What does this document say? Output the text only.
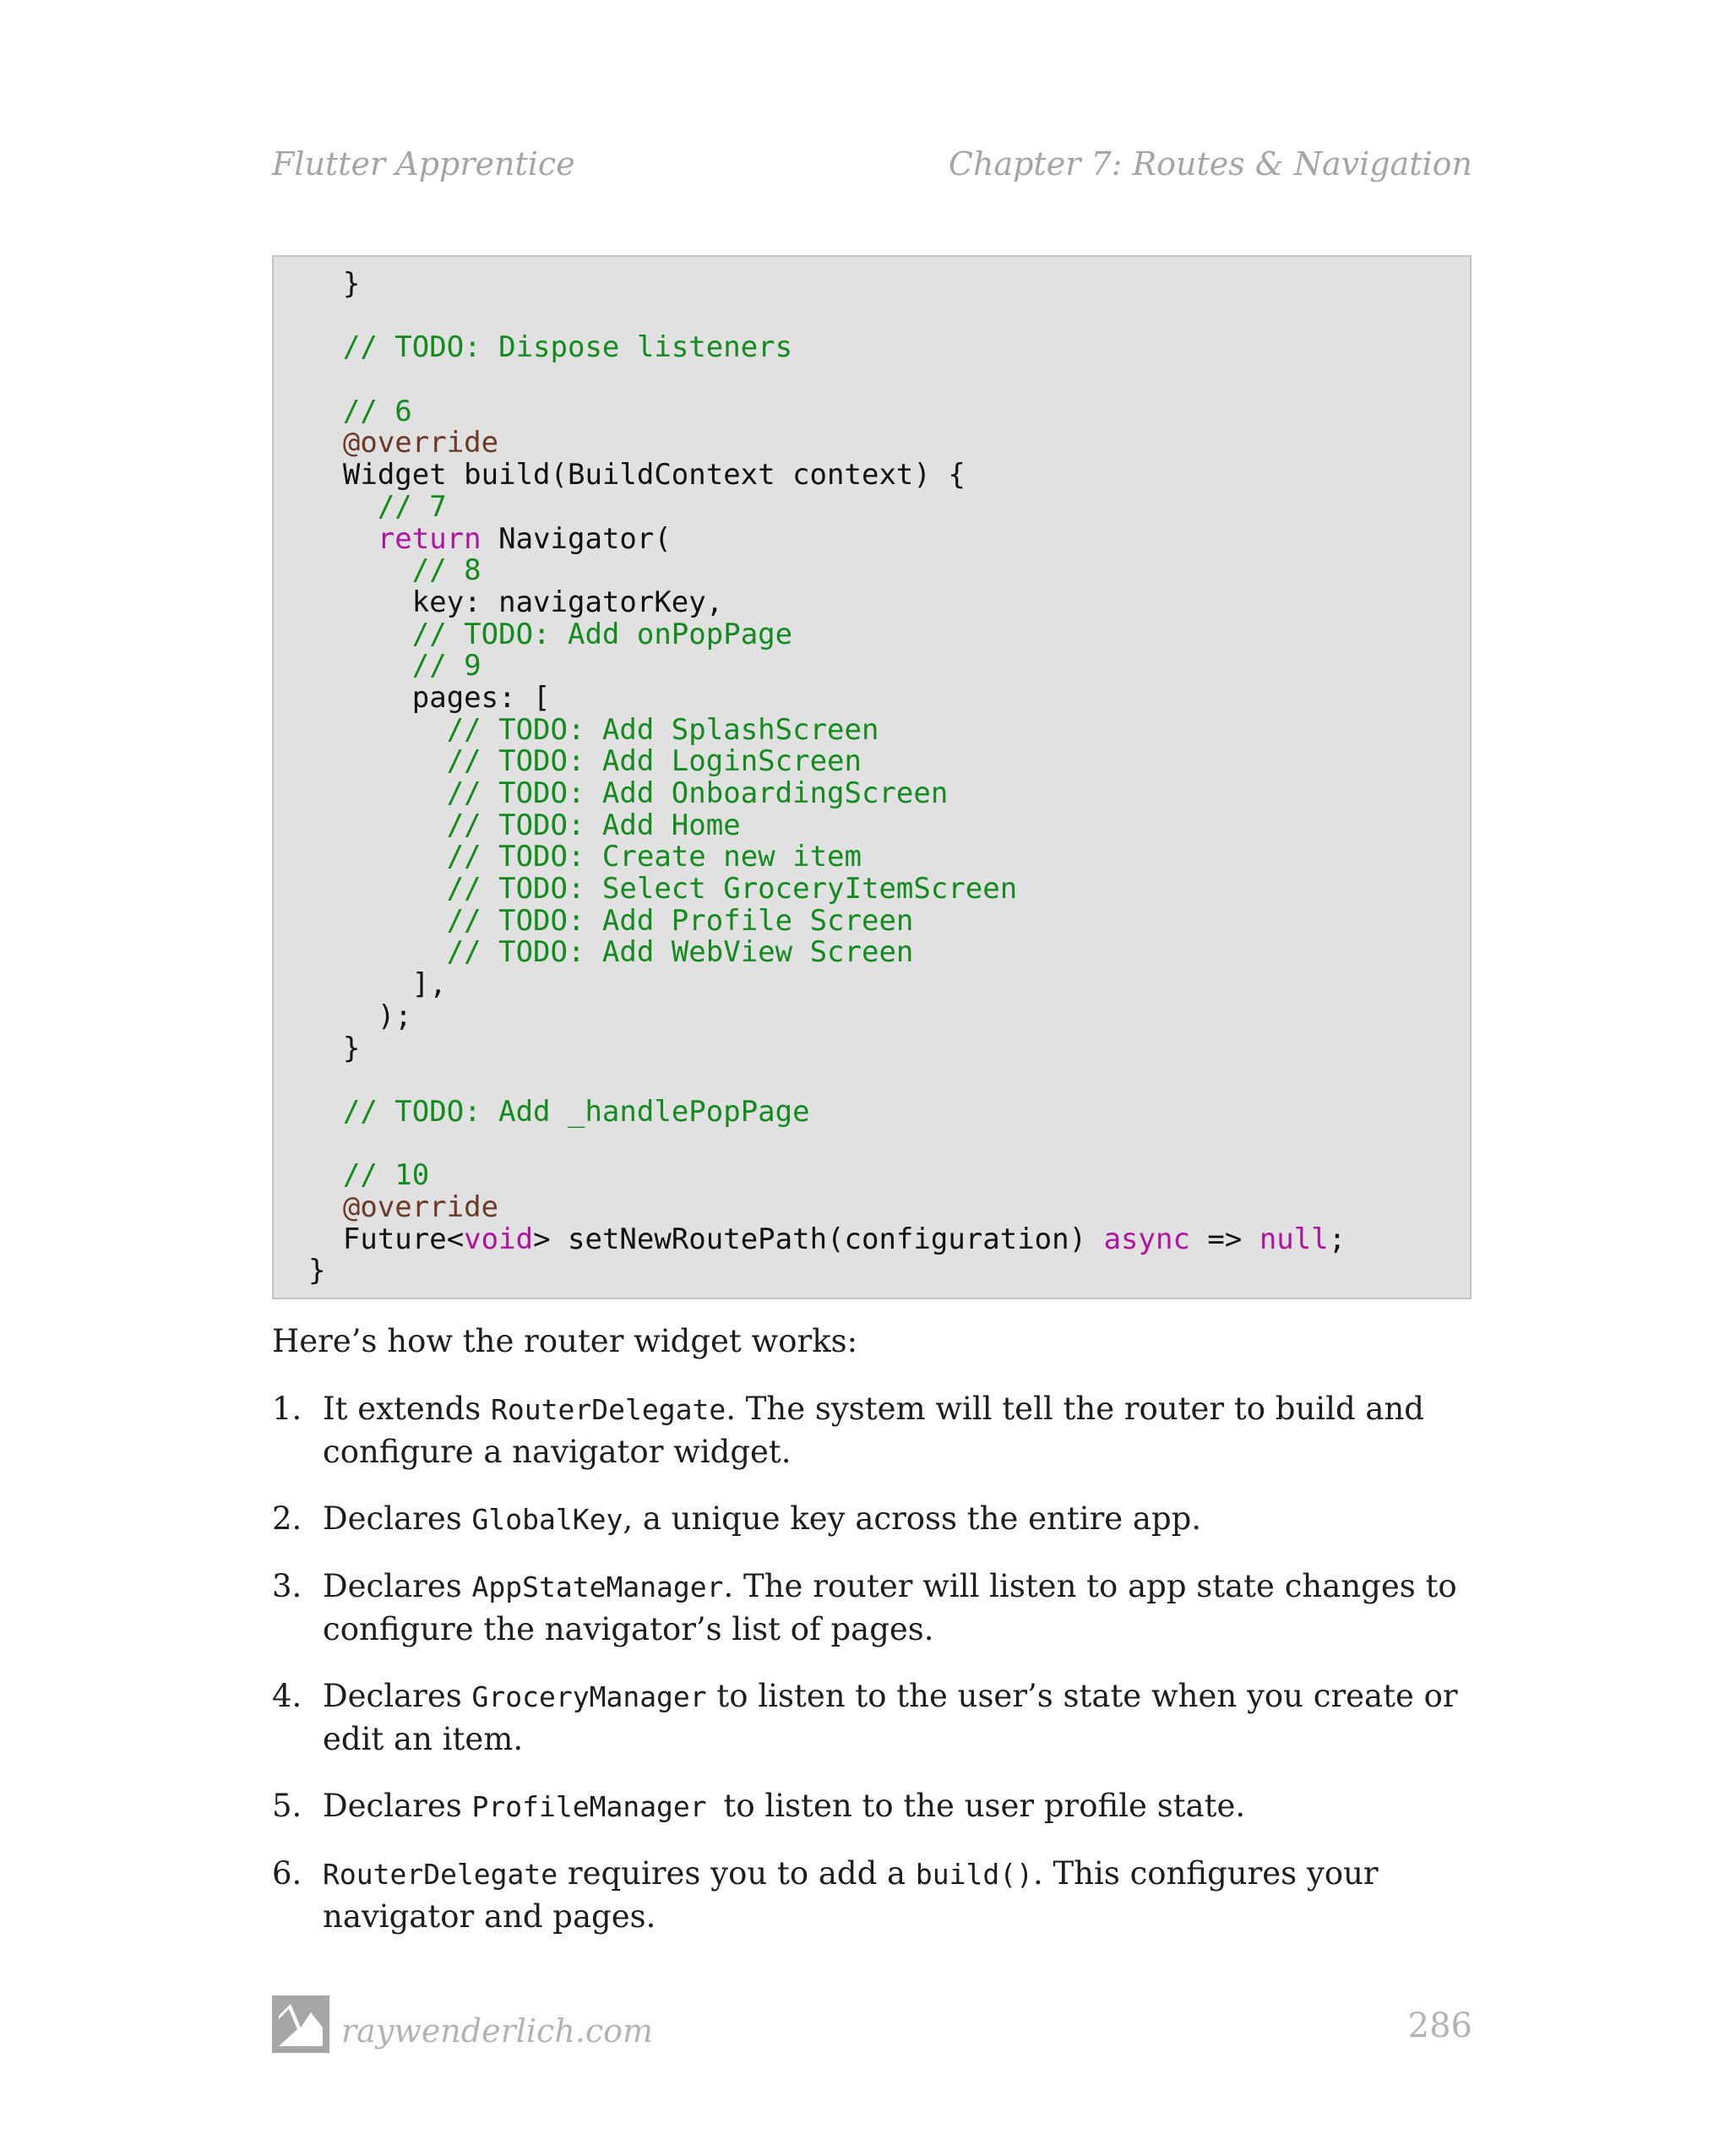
Flutter Apprentice	Chapter 7: Routes & Navigation
}
// TODO: Dispose listeners
// 6
@override
Widget build(BuildContext context) {
// 7
return Navigator(
// 8
key: navigatorKey,
// TODO: Add onPopPage
// 9
pages: [
// TODO: Add SplashScreen
// TODO: Add LoginScreen
// TODO: Add OnboardingScreen
// TODO: Add Home
// TODO: Create new item
// TODO: Select GroceryItemScreen
// TODO: Add Profile Screen
// TODO: Add WebView Screen
],
);
}
// TODO: Add _handlePopPage
// 10
@override
Future<void> setNewRoutePath(configuration) async => null;
}
Here’s how the router widget works:
1. It extends RouterDelegate. The system will tell the router to build and configure a navigator widget.
2. Declares GlobalKey, a unique key across the entire app.
3. Declares AppStateManager. The router will listen to app state changes to configure the navigator’s list of pages.
4. Declares GroceryManager to listen to the user’s state when you create or edit an item.
5. Declares ProfileManager to listen to the user profile state.
6. RouterDelegate requires you to add a build(). This configures your navigator and pages.
raywenderlich.com	286
